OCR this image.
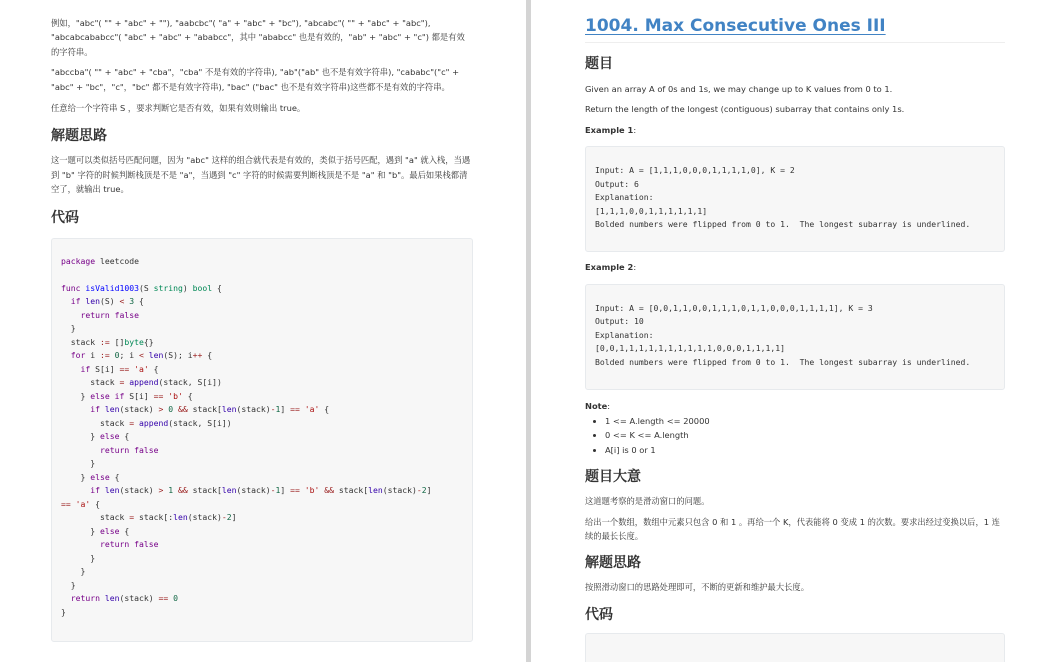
例如，"abc"( "" + "abc" + ""), "aabcbc"( "a" + "abc" + "bc"), "abcabc"( "" + "abc" + "abc"), "abcabcababcc"( "abc" + "abc" + "ababcc"，其中 "ababcc" 也是有效的，"ab" + "abc" + "c") 都是有效的字符串。

"abccba"( "" + "abc" + "cba"，"cba" 不是有效的字符串), "ab"("ab" 也不是有效字符串), "cababc"("c" + "abc" + "bc"，"c"，"bc" 都不是有效字符串), "bac" ("bac" 也不是有效字符串)这些都不是有效的字符串。

任意给一个字符串 S ，要求判断它是否有效，如果有效则输出 true。

解题思路

这一题可以类似括号匹配问题，因为 "abc" 这样的组合就代表是有效的，类似于括号匹配，遇到 "a" 就入栈，当遇到 "b" 字符的时候判断栈顶是不是 "a"，当遇到 "c" 字符的时候需要判断栈顶是不是 "a" 和 "b"。最后如果栈都清空了，就输出 true。

代码
package leetcode

func isValid1003(S string) bool {
if len(S) < 3 {
return false
}
stack := []byte{}
for i := 0; i < len(S); i++ {
if S[i] == 'a' {
stack = append(stack, S[i])
} else if S[i] == 'b' {
if len(stack) > 0 && stack[len(stack)-1] == 'a' {
stack = append(stack, S[i])
} else {
return false
}
} else {
if len(stack) > 1 && stack[len(stack)-1] == 'b' && stack[len(stack)-2]
== 'a' {
stack = stack[:len(stack)-2]
} else {
return false
}
}
}
return len(stack) == 0
}
1004. Max Consecutive Ones III
题目

Given an array A of 0s and 1s, we may change up to K values from 0 to 1.

Return the length of the longest (contiguous) subarray that contains only 1s.

Example 1:

Input: A = [1,1,1,0,0,0,1,1,1,1,0], K = 2
Output: 6
Explanation:
[1,1,1,0,0,1,1,1,1,1,1]
Bolded numbers were flipped from 0 to 1.  The longest subarray is underlined.

Example 2:

Input: A = [0,0,1,1,0,0,1,1,1,0,1,1,0,0,0,1,1,1,1], K = 3
Output: 10
Explanation:
[0,0,1,1,1,1,1,1,1,1,1,1,0,0,0,1,1,1,1]
Bolded numbers were flipped from 0 to 1.  The longest subarray is underlined.

Note:

• 1 <= A.length <= 20000
• 0 <= K <= A.length
• A[i] is 0 or 1
题目大意

这道题考察的是滑动窗口的问题。

给出一个数组，数组中元素只包含 0 和 1 。再给一个 K，代表能将 0 变成 1 的次数。要求出经过变换以后，1 连续的最长长度。

解题思路

按照滑动窗口的思路处理即可，不断的更新和维护最大长度。

代码
